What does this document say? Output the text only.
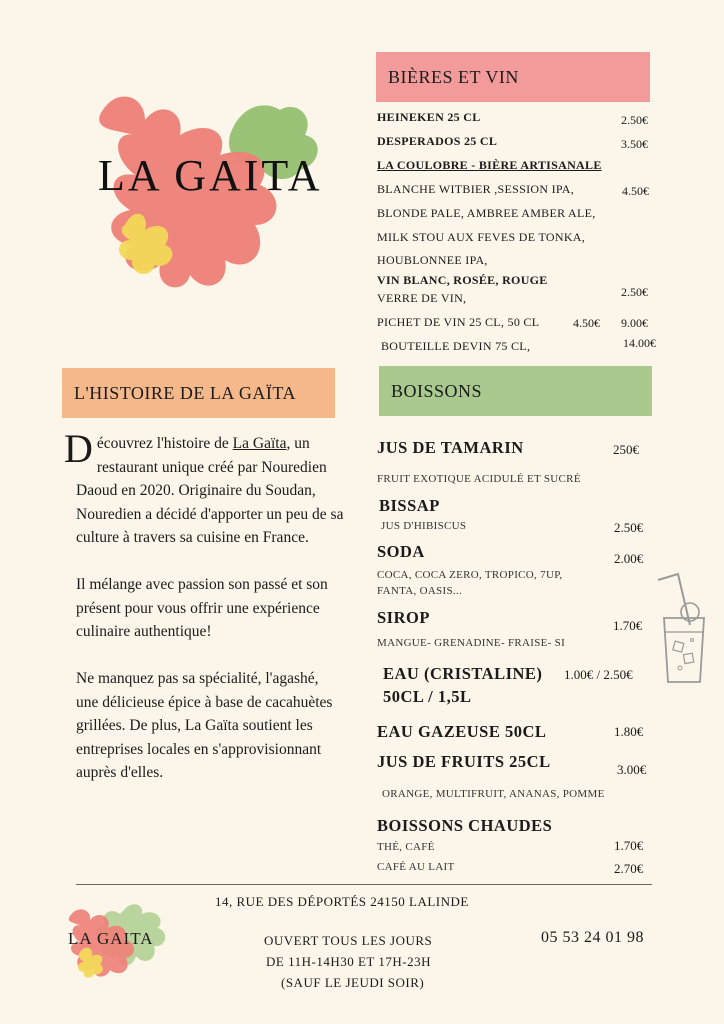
LA GAITA
BIÈRES ET VIN
HEINEKEN 25 CL	2.50€
DESPERADOS 25 CL	3.50€
LA COULOBRE - BIÈRE ARTISANALE
BLANCHE WITBIER ,SESSION IPA,	4.50€
BLONDE PALE, AMBREE AMBER ALE,
MILK STOU AUX FEVES DE TONKA,
HOUBLONNEE IPA,
VIN BLANC, ROSÉE, ROUGE
VERRE DE VIN,	2.50€
PICHET DE VIN 25 CL, 50 CL	4.50€ 9.00€
BOUTEILLE DEVIN 75 CL,	14.00€
L'HISTOIRE DE LA GAÏTA

Découvrez l'histoire de La Gaïta, un restaurant unique créé par Nouredien Daoud en 2020. Originaire du Soudan, Nouredien a décidé d'apporter un peu de sa culture à travers sa cuisine en France.

Il mélange avec passion son passé et son présent pour vous offrir une expérience culinaire authentique!

Ne manquez pas sa spécialité, l'agashé, une délicieuse épice à base de cacahuètes grillées. De plus, La Gaïta soutient les entreprises locales en s'approvisionnant auprès d'elles.

BOISSONS
JUS DE TAMARIN	250€
FRUIT EXOTIQUE ACIDULÉ ET SUCRÉ
BISSAP
JUS D'HIBISCUS	2.50€
SODA	2.00€
COCA, COCA ZERO, TROPICO, 7UP,
FANTA, OASIS...
SIROP	1.70€
MANGUE- GRENADINE- FRAISE- SI
EAU (CRISTALINE) 1.00€ / 2.50€
50CL / 1,5L
EAU GAZEUSE 50CL	1.80€
JUS DE FRUITS 25CL	3.00€
ORANGE, MULTIFRUIT, ANANAS, POMME
BOISSONS CHAUDES
THÉ, CAFÉ	1.70€
CAFÉ AU LAIT	2.70€
14, RUE DES DÉPORTÉS 24150 LALINDE
LA GAITA	OUVERT TOUS LES JOURS
DE 11H-14H30 ET 17H-23H
(SAUF LE JEUDI SOIR)
05 53 24 01 98
